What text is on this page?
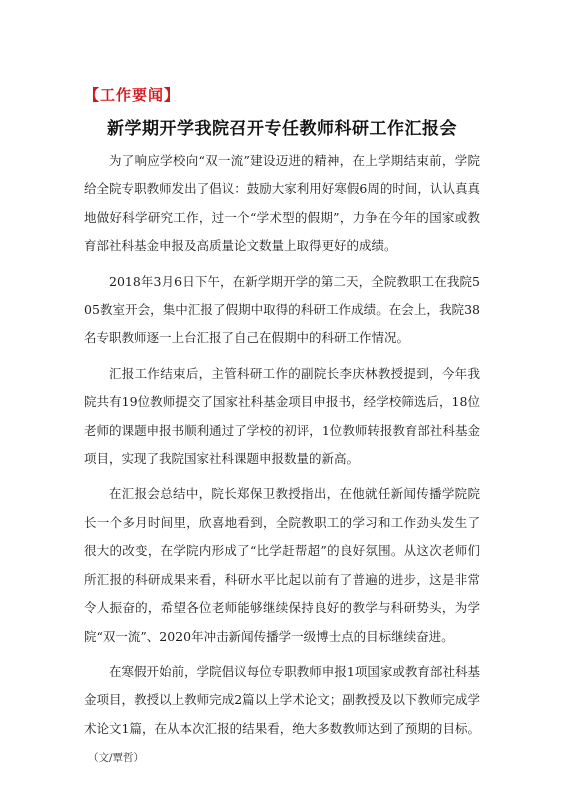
【工作要闻】
新学期开学我院召开专任教师科研工作汇报会

为了响应学校向“双一流”建设迈进的精神，在上学期结束前，学院给全院专职教师发出了倡议：鼓励大家利用好寒假6周的时间，认认真真地做好科学研究工作，过一个“学术型的假期”，力争在今年的国家或教育部社科基金申报及高质量论文数量上取得更好的成绩。

2018年3月6日下午，在新学期开学的第二天，全院教职工在我院505教室开会，集中汇报了假期中取得的科研工作成绩。在会上，我院38名专职教师逐一上台汇报了自己在假期中的科研工作情况。

汇报工作结束后，主管科研工作的副院长李庆林教授提到，今年我院共有19位教师提交了国家社科基金项目申报书，经学校筛选后，18位老师的课题申报书顺利通过了学校的初评，1位教师转报教育部社科基金项目，实现了我院国家社科课题申报数量的新高。

在汇报会总结中，院长郑保卫教授指出，在他就任新闻传播学院院长一个多月时间里，欣喜地看到，全院教职工的学习和工作劲头发生了很大的改变，在学院内形成了“比学赶帮超”的良好氛围。从这次老师们所汇报的科研成果来看，科研水平比起以前有了普遍的进步，这是非常令人振奋的，希望各位老师能够继续保持良好的教学与科研势头，为学院“双一流”、2020年冲击新闻传播学一级博士点的目标继续奋进。

在寒假开始前，学院倡议每位专职教师申报1项国家或教育部社科基金项目，教授以上教师完成2篇以上学术论文；副教授及以下教师完成学术论文1篇，在从本次汇报的结果看，绝大多数教师达到了预期的目标。（文/覃哲）
